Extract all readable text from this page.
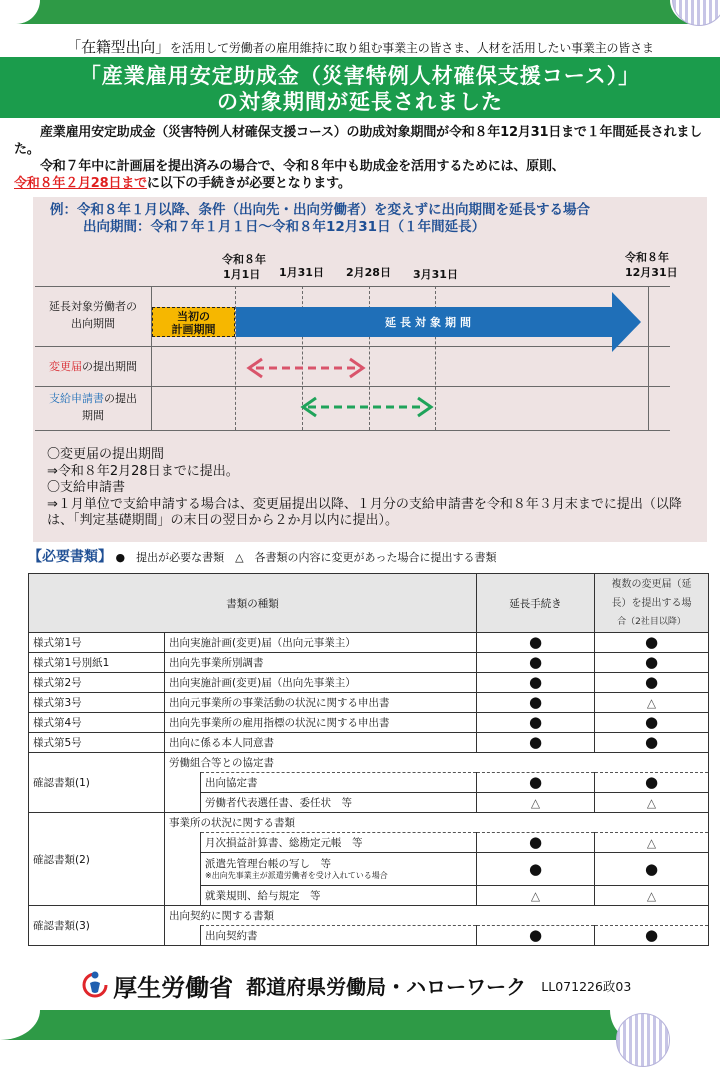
「在籍型出向」を活用して労働者の雇用維持に取り組む事業主の皆さま、人材を活用したい事業主の皆さま
「産業雇用安定助成金（災害特例人材確保支援コース）」
の対象期間が延長されました

産業雇用安定助成金（災害特例人材確保支援コース）の助成対象期間が令和８年12月31日まで１年間延長されました。

令和７年中に計画届を提出済みの場合で、令和８年中も助成金を活用するためには、原則、

令和８年２月28日までに以下の手続きが必要となります。

例：令和８年１月以降、条件（出向先・出向労働者）を変えずに出向期間を延長する場合
出向期間：令和７年１月１日～令和８年12月31日（１年間延長）
令和８年
1月1日 1月31日 2月28日 3月31日
令和８年
12月31日
延長対象労働者の
出向期間
変更届の提出期間
支給申請書の提出
期間
当初の
計画期間
延長対象期間

〇変更届の提出期間

⇒令和８年2月28日までに提出。

〇支給申請書

⇒１月単位で支給申請する場合は、変更届提出以降、１月分の支給申請書を令和８年３月末までに提出（以降は、「判定基礎期間」の末日の翌日から２か月以内に提出）。

【必要書類】 ●　提出が必要な書類　△　各書類の内容に変更があった場合に提出する書類
書類の種類			延長手続き	複数の変更届（延
長）を提出する場
合（2社目以降）

様式第1号	出向実施計画(変更)届（出向元事業主）		●	●
様式第1号別紙1	出向先事業所別調書		●	●
様式第2号	出向実施計画(変更)届（出向先事業主）		●	●
様式第3号	出向元事業所の事業活動の状況に関する申出書		●	△
様式第4号	出向先事業所の雇用指標の状況に関する申出書		●	●
様式第5号	出向に係る本人同意書		●	●
確認書類(1)	労働組合等との協定書			
		出向協定書	●	●
		労働者代表選任書、委任状　等	△	△
確認書類(2)	事業所の状況に関する書類			
		月次損益計算書、総勘定元帳　等	●	△
		派遣先管理台帳の写し　等
※出向先事業主が派遣労働者を受け入れている場合	●	●
		就業規則、給与規定　等	△	△
確認書類(3)	出向契約に関する書類			
		出向契約書	●	●
厚生労働省 都道府県労働局・ハローワーク LL071226政03
